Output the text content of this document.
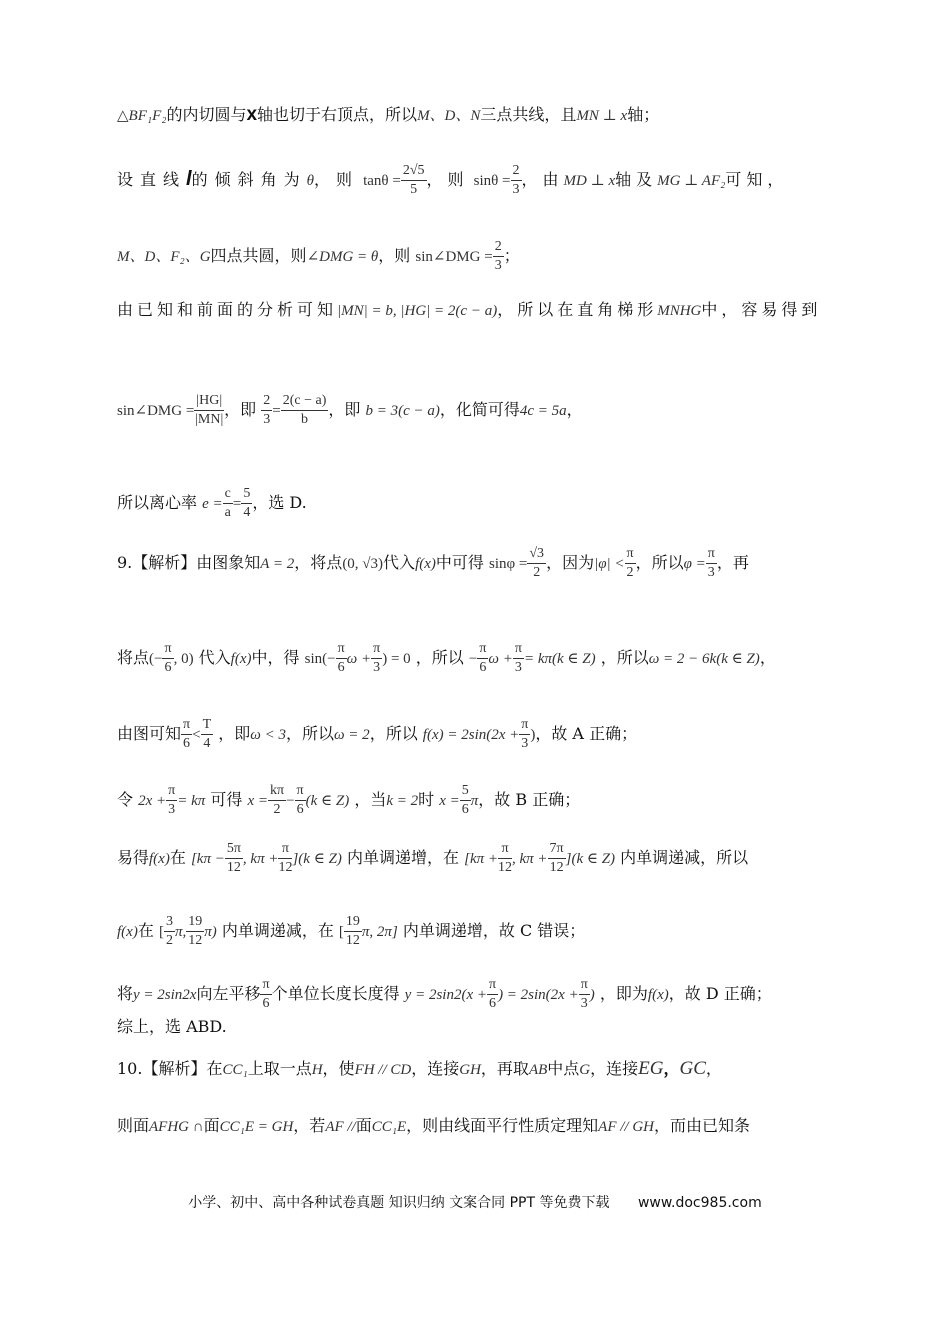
△BF₁F₂的内切圆与x轴也切于右顶点，所以M、D、N三点共线，且MN ⊥ x轴；
设直线l的倾斜角为θ，则 $\tan\theta = \frac{2√5}{5}$ ，则 $\sin\theta = \frac{2}{3}$ ，由MD ⊥ x轴及MG ⊥ AF₂可知，
M、D、F₂、G四点共圆，则∠DMG = θ，则 sin∠DMG = $\frac{2}{3}$ ；
由已知和前面的分析可知|MN| = b, |HG| = 2(c − a)，所以在直角梯形MNHG中，容易得到
sin∠DMG = $\frac{|HG|}{|MN|}$ ，即 $\frac{2}{3} = \frac{2(c - a)}{b}$ ，即 b = 3(c − a)，化简可得4c = 5a，
所以离心率 $e = \frac{c}{a} = \frac{5}{4}$ ，选 D.
9.【解析】由图象知A = 2，将点(0, √3)代入f(x)中可得 $\sin\varphi = \frac{√3}{2}$ ，因为$|\varphi| < \frac{\pi}{2}$ ，所以$\varphi = \frac{\pi}{3}$ ，再
将点(− $\frac{\pi}{6}$ , 0) 代入f(x)中，得 $\sin(- \frac{\pi}{6}$ $\omega + \frac{\pi}{3}$ ) = 0 ，所以 − $\frac{\pi}{6}$ $\omega + \frac{\pi}{3} = k\pi(k$ ∈ Z) ，所以ω = 2 − 6k(k ∈ Z)，
由图可知 $\frac{\pi}{6} < \frac{T}{4}$ ，即ω < 3，所以ω = 2，所以 $f(x) = 2\sin(2x + \frac{\pi}{3}$ )，故 A 正确；
令 $2x + \frac{\pi}{3} = k\pi$ 可得 $x = \frac{k\pi}{2} - \frac{\pi}{6} (k$ ∈ Z) ，当k = 2时 $x = \frac{5}{6}$ π，故 B 正确；
易得f(x)在 [$k\pi - \frac{5\pi}{12}$ , $k\pi + \frac{\pi}{12} ](k$ ∈ Z) 内单调递增，在 [$k\pi + \frac{\pi}{12}$ , $k\pi + \frac{7\pi}{12} ](k$ ∈ Z) 内单调递减，所以
f(x)在 [ $\frac{3}{2} \pi$, $\frac{19}{12} \pi$) 内单调递减，在 [ $\frac{19}{12} \pi$, 2π] 内单调递增，故 C 错误；
将y = 2sin2x向左平移 $\frac{\pi}{6}$ 个单位长度长度得 $y = 2\sin 2(x + \frac{\pi}{6}$ ) = $2\sin(2x + \frac{\pi}{3}$ ) ，即为f(x)，故 D 正确；
综上，选 ABD.
10.【解析】在CC₁上取一点H，使FH // CD，连接GH，再取AB中点G，连接EG，GC，
则面AFHG ∩面CC₁E = GH，若AF //面CC₁E，则由线面平行性质定理知AF // GH，而由已知条
小学、初中、高中各种试卷真题 知识归纳 文案合同 PPT 等免费下载 www.doc985.com
